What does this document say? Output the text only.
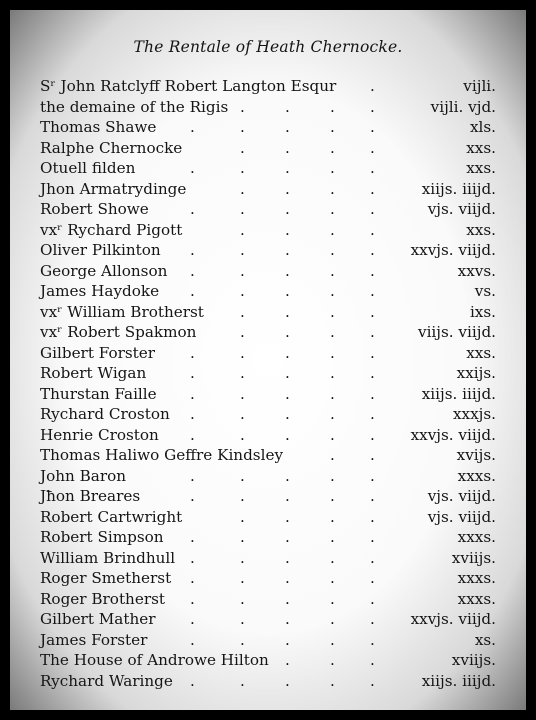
The Rentale of Heath Chernocke.
Sʳ John Ratclyff Robert Langton Esqur .	vijli.
the demaine of the Rigis .	.	. .	vijli. vjd.
Thomas Shawe .	.	.	. .	xls.
Ralphe Chernocke	.	.	. .	xxs.
Otuell filden	.	.	.	. .	xxs.
Jhon Armatrydinge	.	.	. .	xiijs. iiijd.
Robert Showe	.	.	.	. .	vjs. viijd.
vxʳ Rychard Pigott	.	.	. .	xxs.
Oliver Pilkinton .	.	.	. . xxvjs. viijd.
George Allonson .	.	.	. .	xxvs.
James Haydoke .	.	.	. .	vs.
vxʳ William Brotherst .	.	. .	ixs.
vxʳ Robert Spakmon	.	.	. .	viijs. viijd.
Gilbert Forster .	.	.	. .	xxs.
Robert Wigan	.	.	.	. .	xxijs.
Thurstan Faille .	.	.	. .	xiijs. iiijd.
Rychard Croston .	.	.	. .	xxxjs.
Henrie Croston .	.	.	. . xxvjs. viijd.
Thomas Haliwo Geffre Kindsley	. .	xvijs.
John Baron	.	.	.	. .	xxxs.
Jħon Breares	.	.	.	. .	vjs. viijd.
Robert Cartwright	.	.	. .	vjs. viijd.
Robert Simpson .	.	.	. .	xxxs.
William Brindhull .	.	.	. .	xviijs.
Roger Smetherst .	.	.	. .	xxxs.
Roger Brotherst .	.	.	. .	xxxs.
Gilbert Mather .	.	.	. . xxvjs. viijd.
James Forster	.	.	.	. .	xs.
The House of Androwe Hilton .	. .	xviijs.
Rychard Waringe .	.	.	. .	xiijs. iiijd.
